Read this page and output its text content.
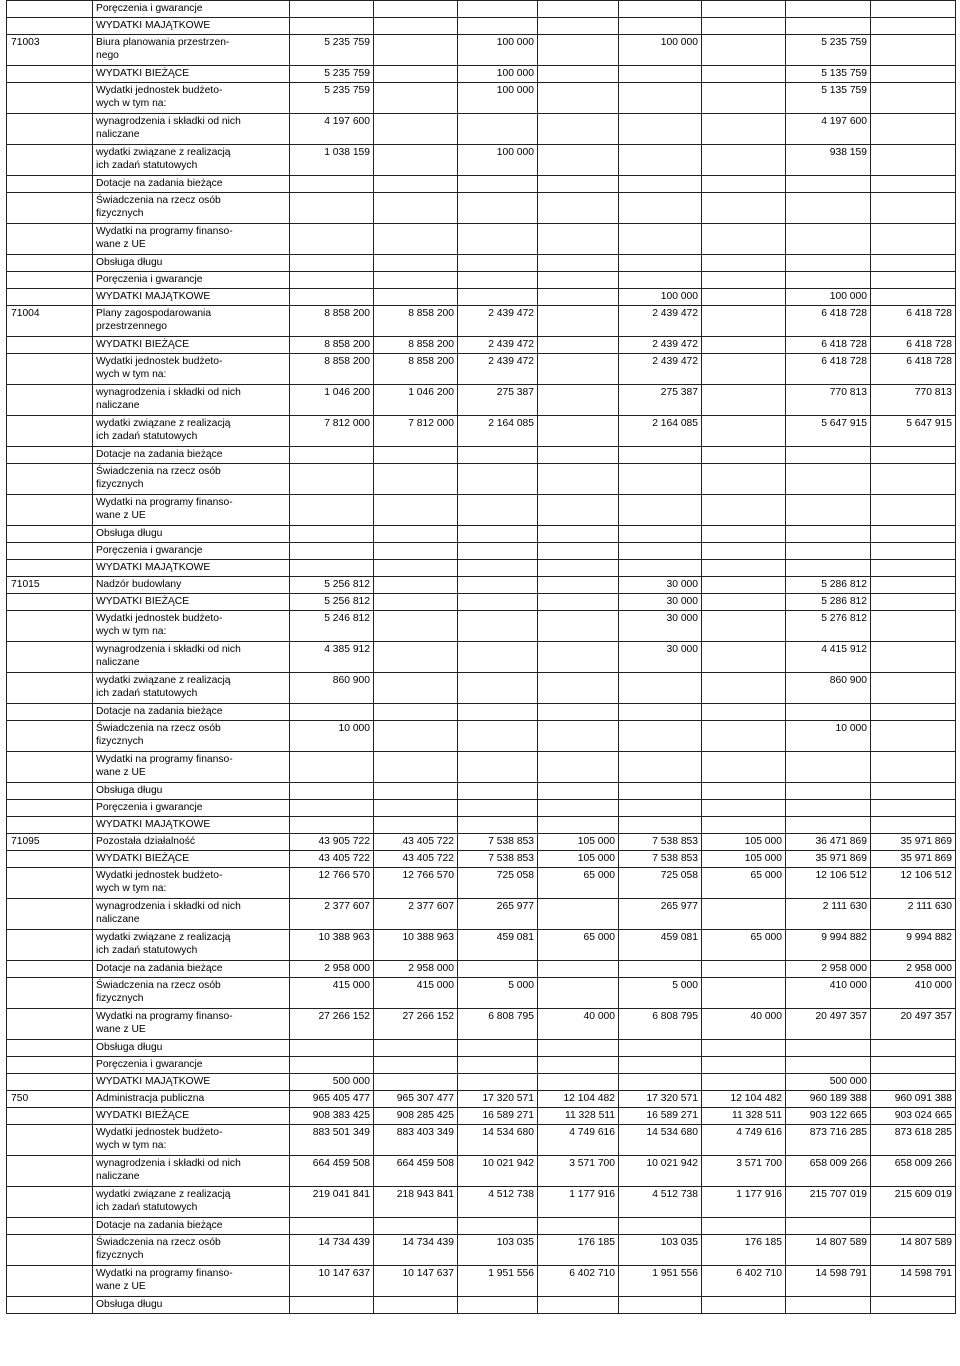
	Poręczenia i gwarancje								
	WYDATKI MAJĄTKOWE								
71003	Biura planowania przestrzen-
nego	5 235 759		100 000		100 000		5 235 759	
	WYDATKI BIEŻĄCE	5 235 759		100 000				5 135 759	
	Wydatki jednostek budżeto-
wych w tym na:	5 235 759		100 000				5 135 759	
	wynagrodzenia i składki od nich
naliczane	4 197 600						4 197 600	
	wydatki związane z realizacją
ich zadań statutowych	1 038 159		100 000				938 159	
	Dotacje na zadania bieżące								
	Świadczenia na rzecz osób
fizycznych								
	Wydatki na programy finanso-
wane z UE								
	Obsługa długu								
	Poręczenia i gwarancje								
	WYDATKI MAJĄTKOWE					100 000		100 000	
71004	Plany zagospodarowania
przestrzennego	8 858 200	8 858 200	2 439 472		2 439 472		6 418 728	6 418 728
	WYDATKI BIEŻĄCE	8 858 200	8 858 200	2 439 472		2 439 472		6 418 728	6 418 728
	Wydatki jednostek budżeto-
wych w tym na:	8 858 200	8 858 200	2 439 472		2 439 472		6 418 728	6 418 728
	wynagrodzenia i składki od nich
naliczane	1 046 200	1 046 200	275 387		275 387		770 813	770 813
	wydatki związane z realizacją
ich zadań statutowych	7 812 000	7 812 000	2 164 085		2 164 085		5 647 915	5 647 915
	Dotacje na zadania bieżące								
	Świadczenia na rzecz osób
fizycznych								
	Wydatki na programy finanso-
wane z UE								
	Obsługa długu								
	Poręczenia i gwarancje								
	WYDATKI MAJĄTKOWE								
71015	Nadzór budowlany	5 256 812				30 000		5 286 812	
	WYDATKI BIEŻĄCE	5 256 812				30 000		5 286 812	
	Wydatki jednostek budżeto-
wych w tym na:	5 246 812				30 000		5 276 812	
	wynagrodzenia i składki od nich
naliczane	4 385 912				30 000		4 415 912	
	wydatki związane z realizacją
ich zadań statutowych	860 900						860 900	
	Dotacje na zadania bieżące								
	Świadczenia na rzecz osób
fizycznych	10 000						10 000	
	Wydatki na programy finanso-
wane z UE								
	Obsługa długu								
	Poręczenia i gwarancje								
	WYDATKI MAJĄTKOWE								
71095	Pozostała działalność	43 905 722	43 405 722	7 538 853	105 000	7 538 853	105 000	36 471 869	35 971 869
	WYDATKI BIEŻĄCE	43 405 722	43 405 722	7 538 853	105 000	7 538 853	105 000	35 971 869	35 971 869
	Wydatki jednostek budżeto-
wych w tym na:	12 766 570	12 766 570	725 058	65 000	725 058	65 000	12 106 512	12 106 512
	wynagrodzenia i składki od nich
naliczane	2 377 607	2 377 607	265 977		265 977		2 111 630	2 111 630
	wydatki związane z realizacją
ich zadań statutowych	10 388 963	10 388 963	459 081	65 000	459 081	65 000	9 994 882	9 994 882
	Dotacje na zadania bieżące	2 958 000	2 958 000					2 958 000	2 958 000
	Świadczenia na rzecz osób
fizycznych	415 000	415 000	5 000		5 000		410 000	410 000
	Wydatki na programy finanso-
wane z UE	27 266 152	27 266 152	6 808 795	40 000	6 808 795	40 000	20 497 357	20 497 357
	Obsługa długu								
	Poręczenia i gwarancje								
	WYDATKI MAJĄTKOWE	500 000						500 000	
750	Administracja publiczna	965 405 477	965 307 477	17 320 571	12 104 482	17 320 571	12 104 482	960 189 388	960 091 388
	WYDATKI BIEŻĄCE	908 383 425	908 285 425	16 589 271	11 328 511	16 589 271	11 328 511	903 122 665	903 024 665
	Wydatki jednostek budżeto-
wych w tym na:	883 501 349	883 403 349	14 534 680	4 749 616	14 534 680	4 749 616	873 716 285	873 618 285
	wynagrodzenia i składki od nich
naliczane	664 459 508	664 459 508	10 021 942	3 571 700	10 021 942	3 571 700	658 009 266	658 009 266
	wydatki związane z realizacją
ich zadań statutowych	219 041 841	218 943 841	4 512 738	1 177 916	4 512 738	1 177 916	215 707 019	215 609 019
	Dotacje na zadania bieżące								
	Świadczenia na rzecz osób
fizycznych	14 734 439	14 734 439	103 035	176 185	103 035	176 185	14 807 589	14 807 589
	Wydatki na programy finanso-
wane z UE	10 147 637	10 147 637	1 951 556	6 402 710	1 951 556	6 402 710	14 598 791	14 598 791
	Obsługa długu								
